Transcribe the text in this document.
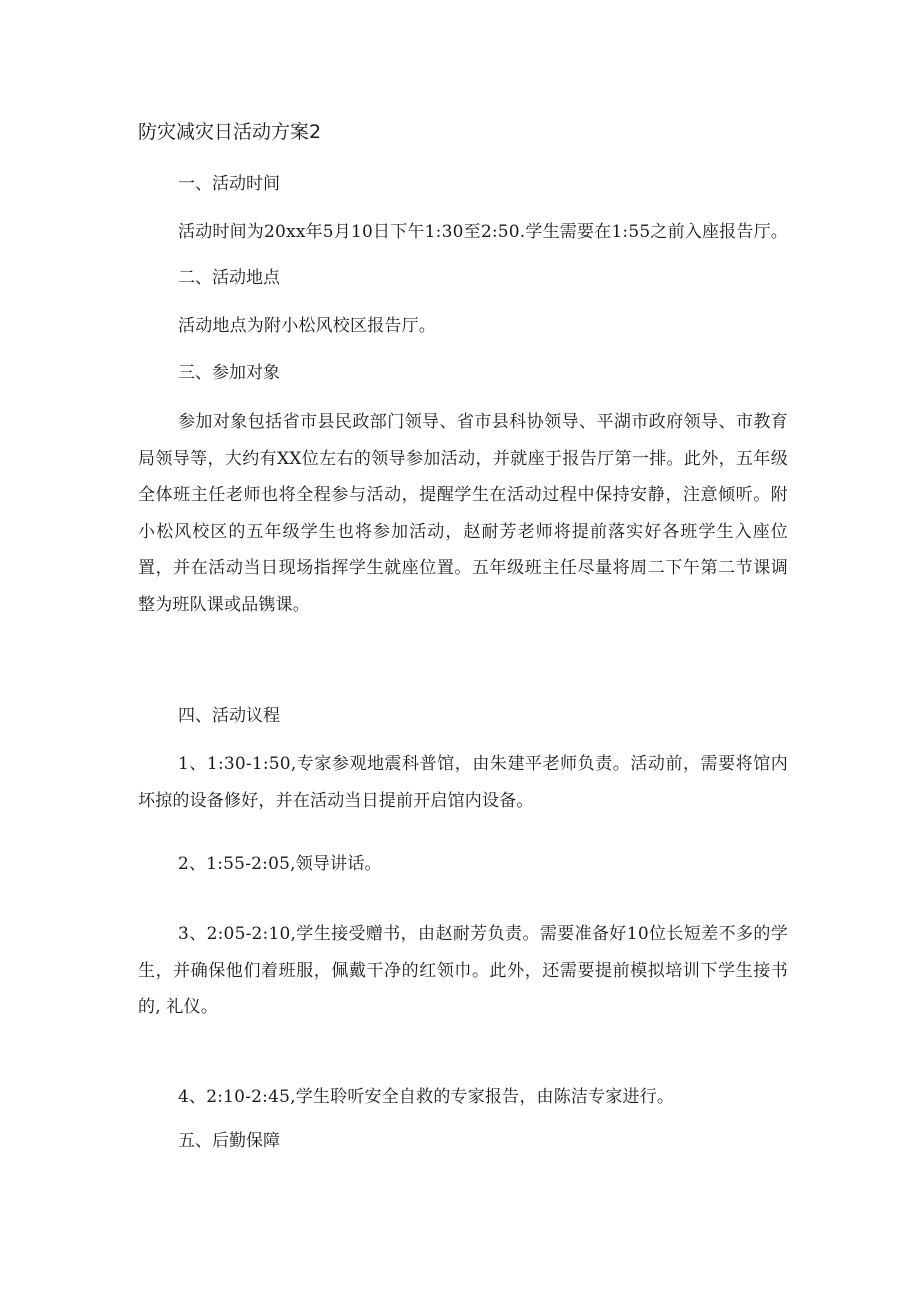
防灾减灾日活动方案2
一、活动时间
活动时间为20xx年5月10日下午1:30至2:50.学生需要在1:55之前入座报告厅。
二、活动地点
活动地点为附小松风校区报告厅。
三、参加对象
参加对象包括省市县民政部门领导、省市县科协领导、平湖市政府领导、市教育局领导等，大约有XX位左右的领导参加活动，并就座于报告厅第一排。此外，五年级全体班主任老师也将全程参与活动，提醒学生在活动过程中保持安静，注意倾听。附小松风校区的五年级学生也将参加活动，赵耐芳老师将提前落实好各班学生入座位置，并在活动当日现场指挥学生就座位置。五年级班主任尽量将周二下午第二节课调整为班队课或品镌课。
四、活动议程
1、1:30-1:50,专家参观地震科普馆，由朱建平老师负责。活动前，需要将馆内坏掠的设备修好，并在活动当日提前开启馆内设备。
2、1:55-2:05,领导讲话。
3、2:05-2:10,学生接受赠书，由赵耐芳负责。需要准备好10位长短差不多的学生，并确保他们着班服，佩戴干净的红领巾。此外，还需要提前模拟培训下学生接书的, 礼仪。
4、2:10-2:45,学生聆听安全自救的专家报告，由陈洁专家进行。
五、后勤保障
